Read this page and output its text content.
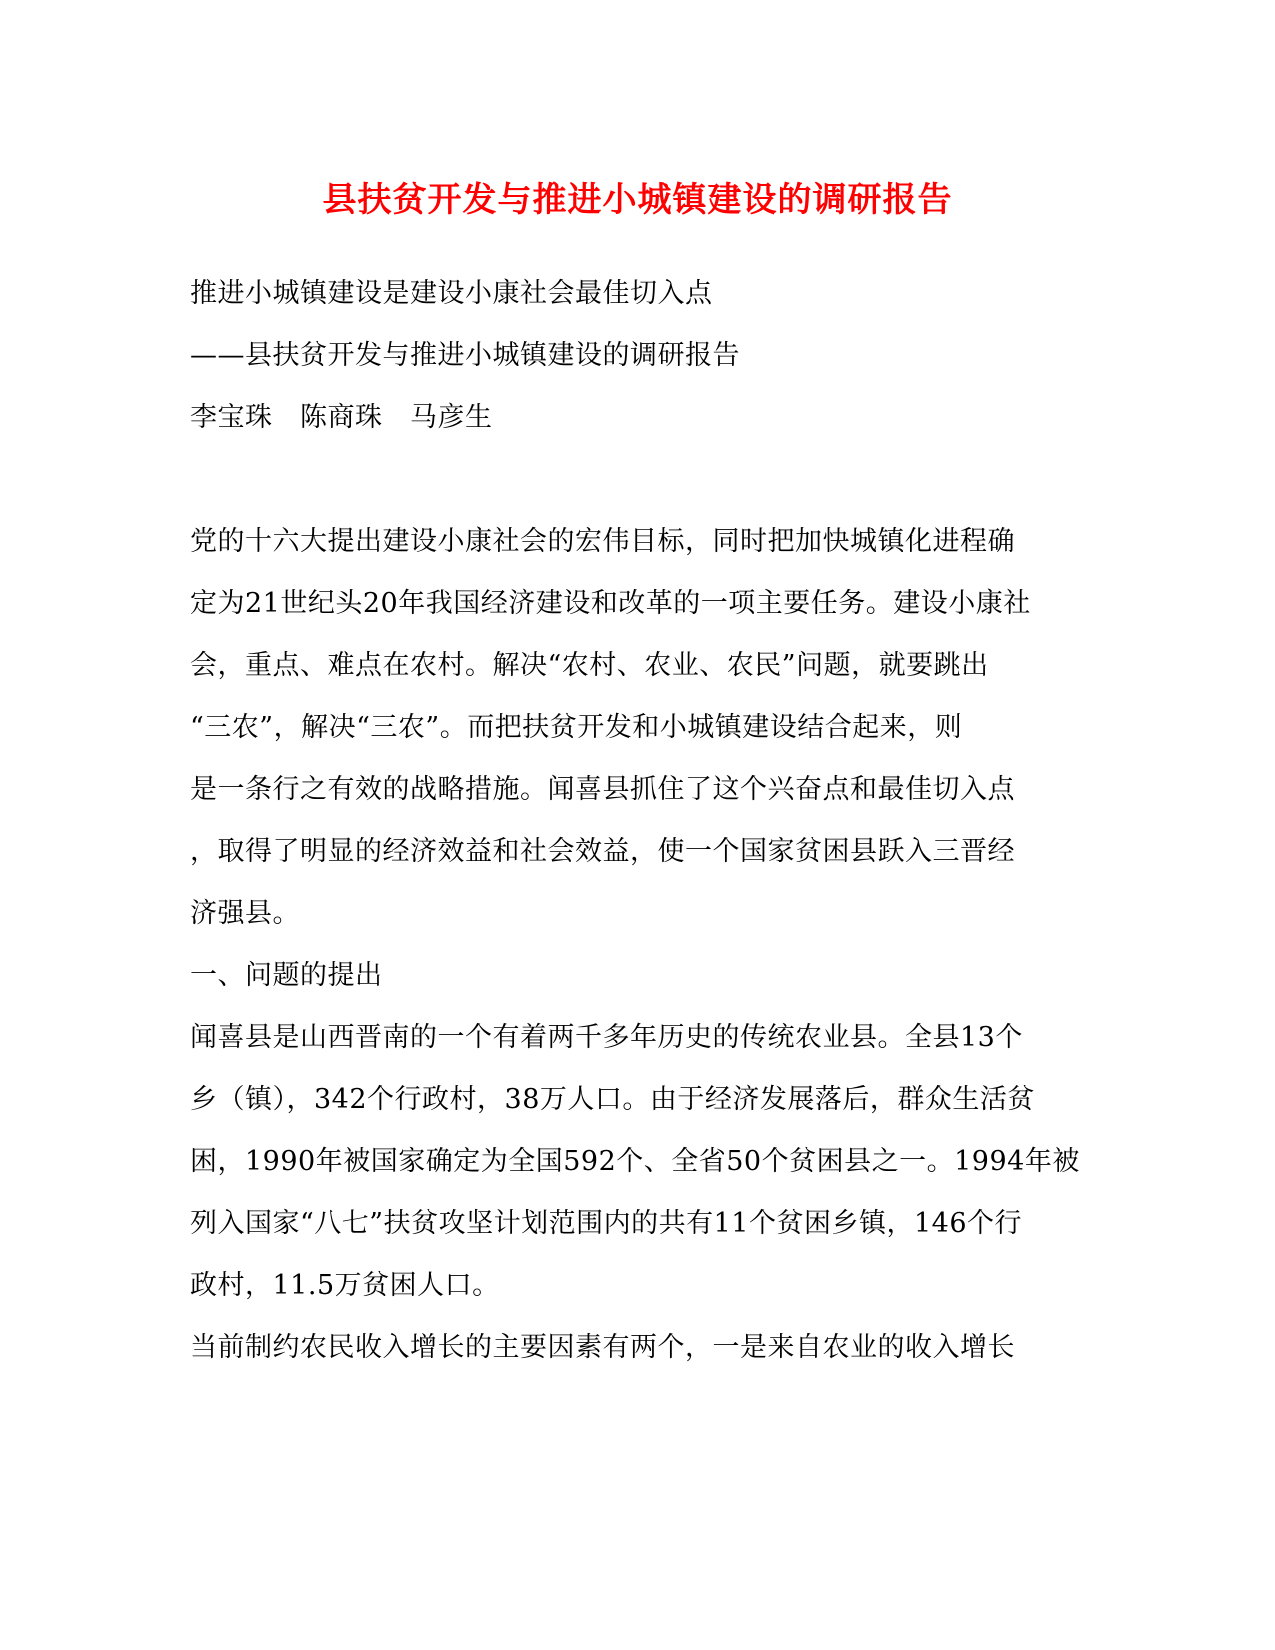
县扶贫开发与推进小城镇建设的调研报告
推进小城镇建设是建设小康社会最佳切入点
——县扶贫开发与推进小城镇建设的调研报告
李宝珠　陈商珠　马彦生
党的十六大提出建设小康社会的宏伟目标，同时把加快城镇化进程确
定为21世纪头20年我国经济建设和改革的一项主要任务。建设小康社
会，重点、难点在农村。解决“农村、农业、农民”问题，就要跳出
“三农”，解决“三农”。而把扶贫开发和小城镇建设结合起来，则
是一条行之有效的战略措施。闻喜县抓住了这个兴奋点和最佳切入点
，取得了明显的经济效益和社会效益，使一个国家贫困县跃入三晋经
济强县。
一、问题的提出
闻喜县是山西晋南的一个有着两千多年历史的传统农业县。全县13个
乡（镇），342个行政村，38万人口。由于经济发展落后，群众生活贫
困，1990年被国家确定为全国592个、全省50个贫困县之一。1994年被
列入国家“八七”扶贫攻坚计划范围内的共有11个贫困乡镇，146个行
政村，11.5万贫困人口。
当前制约农民收入增长的主要因素有两个，一是来自农业的收入增长
